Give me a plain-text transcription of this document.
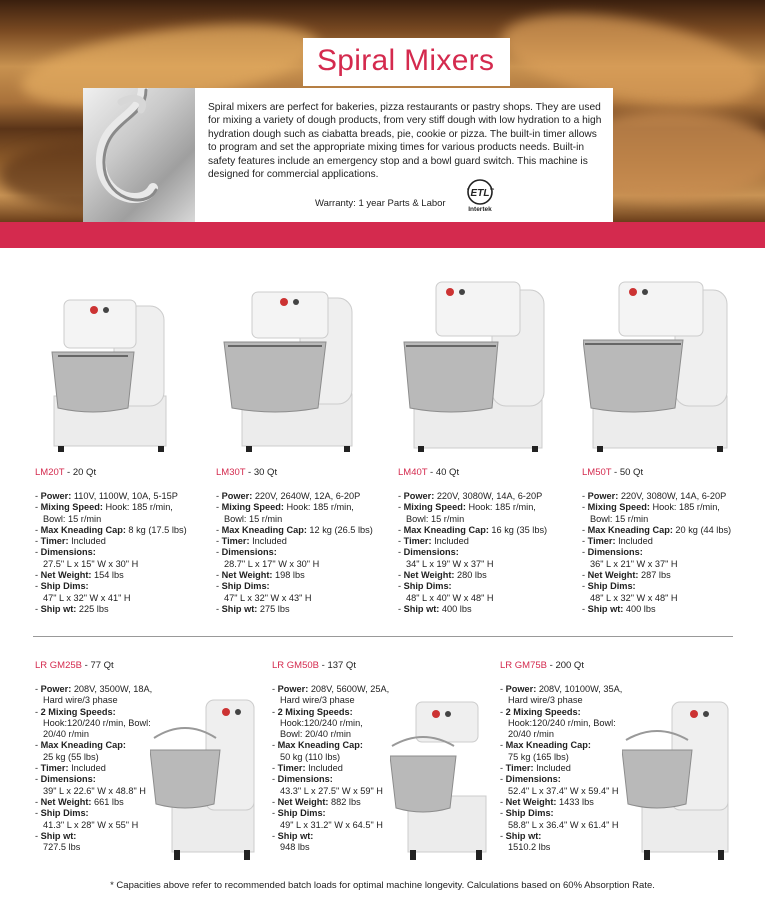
Spiral Mixers
Spiral mixers are perfect for bakeries, pizza restaurants or pastry shops. They are used for mixing a variety of dough products, from very stiff dough with low hydration to a high hydration dough such as ciabatta breads, pie, cookie or pizza. The built-in timer allows to program and set the appropriate mixing times for various products needs. Built-in safety features include an emergency stop and a bowl guard switch. This machine is designed for commercial applications.
Warranty: 1 year Parts & Labor
ETL
c	us
Intertek
LM20T - 20 Qt
- Power: 110V, 1100W, 10A, 5-15P
- Mixing Speed: Hook: 185 r/min,
Bowl: 15 r/min
- Max Kneading Cap: 8 kg (17.5 lbs)
- Timer: Included
- Dimensions:
27.5" L x 15" W x 30" H
- Net Weight: 154 lbs
- Ship Dims:
47" L x 32" W x 41" H
- Ship wt: 225 lbs
LM30T - 30 Qt
- Power: 220V, 2640W, 12A, 6-20P
- Mixing Speed: Hook: 185 r/min,
Bowl: 15 r/min
- Max Kneading Cap: 12 kg (26.5 lbs)
- Timer: Included
- Dimensions:
28.7" L x 17" W x 30" H
- Net Weight: 198 lbs
- Ship Dims:
47" L x 32" W x 43" H
- Ship wt: 275 lbs
LM40T - 40 Qt
- Power: 220V, 3080W, 14A, 6-20P
- Mixing Speed: Hook: 185 r/min,
Bowl: 15 r/min
- Max Kneading Cap: 16 kg (35 lbs)
- Timer: Included
- Dimensions:
34" L x 19" W x 37" H
- Net Weight: 280 lbs
- Ship Dims:
48" L x 40" W x 48" H
- Ship wt: 400 lbs
LM50T - 50 Qt
- Power: 220V, 3080W, 14A, 6-20P
- Mixing Speed: Hook: 185 r/min,
Bowl: 15 r/min
- Max Kneading Cap: 20 kg (44 lbs)
- Timer: Included
- Dimensions:
36" L x 21" W x 37" H
- Net Weight: 287 lbs
- Ship Dims:
48" L x 32" W x 48" H
- Ship wt: 400 lbs
LR GM25B - 77 Qt
- Power: 208V, 3500W, 18A,
Hard wire/3 phase
- 2 Mixing Speeds:
Hook:120/240 r/min, Bowl:
20/40 r/min
- Max Kneading Cap:
25 kg (55 lbs)
- Timer: Included
- Dimensions:
39" L x 22.6" W x 48.8" H
- Net Weight: 661 lbs
- Ship Dims:
41.3" L x 28" W x 55" H
- Ship wt:
727.5 lbs
LR GM50B - 137 Qt
- Power: 208V, 5600W, 25A,
Hard wire/3 phase
- 2 Mixing Speeds:
Hook:120/240 r/min,
Bowl: 20/40 r/min
- Max Kneading Cap:
50 kg (110 lbs)
- Timer: Included
- Dimensions:
43.3" L x 27.5" W x 59" H
- Net Weight: 882 lbs
- Ship Dims:
49" L x 31.2" W x 64.5" H
- Ship wt:
948 lbs
LR GM75B - 200 Qt
- Power: 208V, 10100W, 35A,
Hard wire/3 phase
- 2 Mixing Speeds:
Hook:120/240 r/min, Bowl:
20/40 r/min
- Max Kneading Cap:
75 kg (165 lbs)
- Timer: Included
- Dimensions:
52.4" L x 37.4" W x 59.4" H
- Net Weight: 1433 lbs
- Ship Dims:
58.8" L x 36.4" W x 61.4" H
- Ship wt:
1510.2 lbs
* Capacities above refer to recommended batch loads for optimal machine longevity. Calculations based on 60% Absorption Rate.
